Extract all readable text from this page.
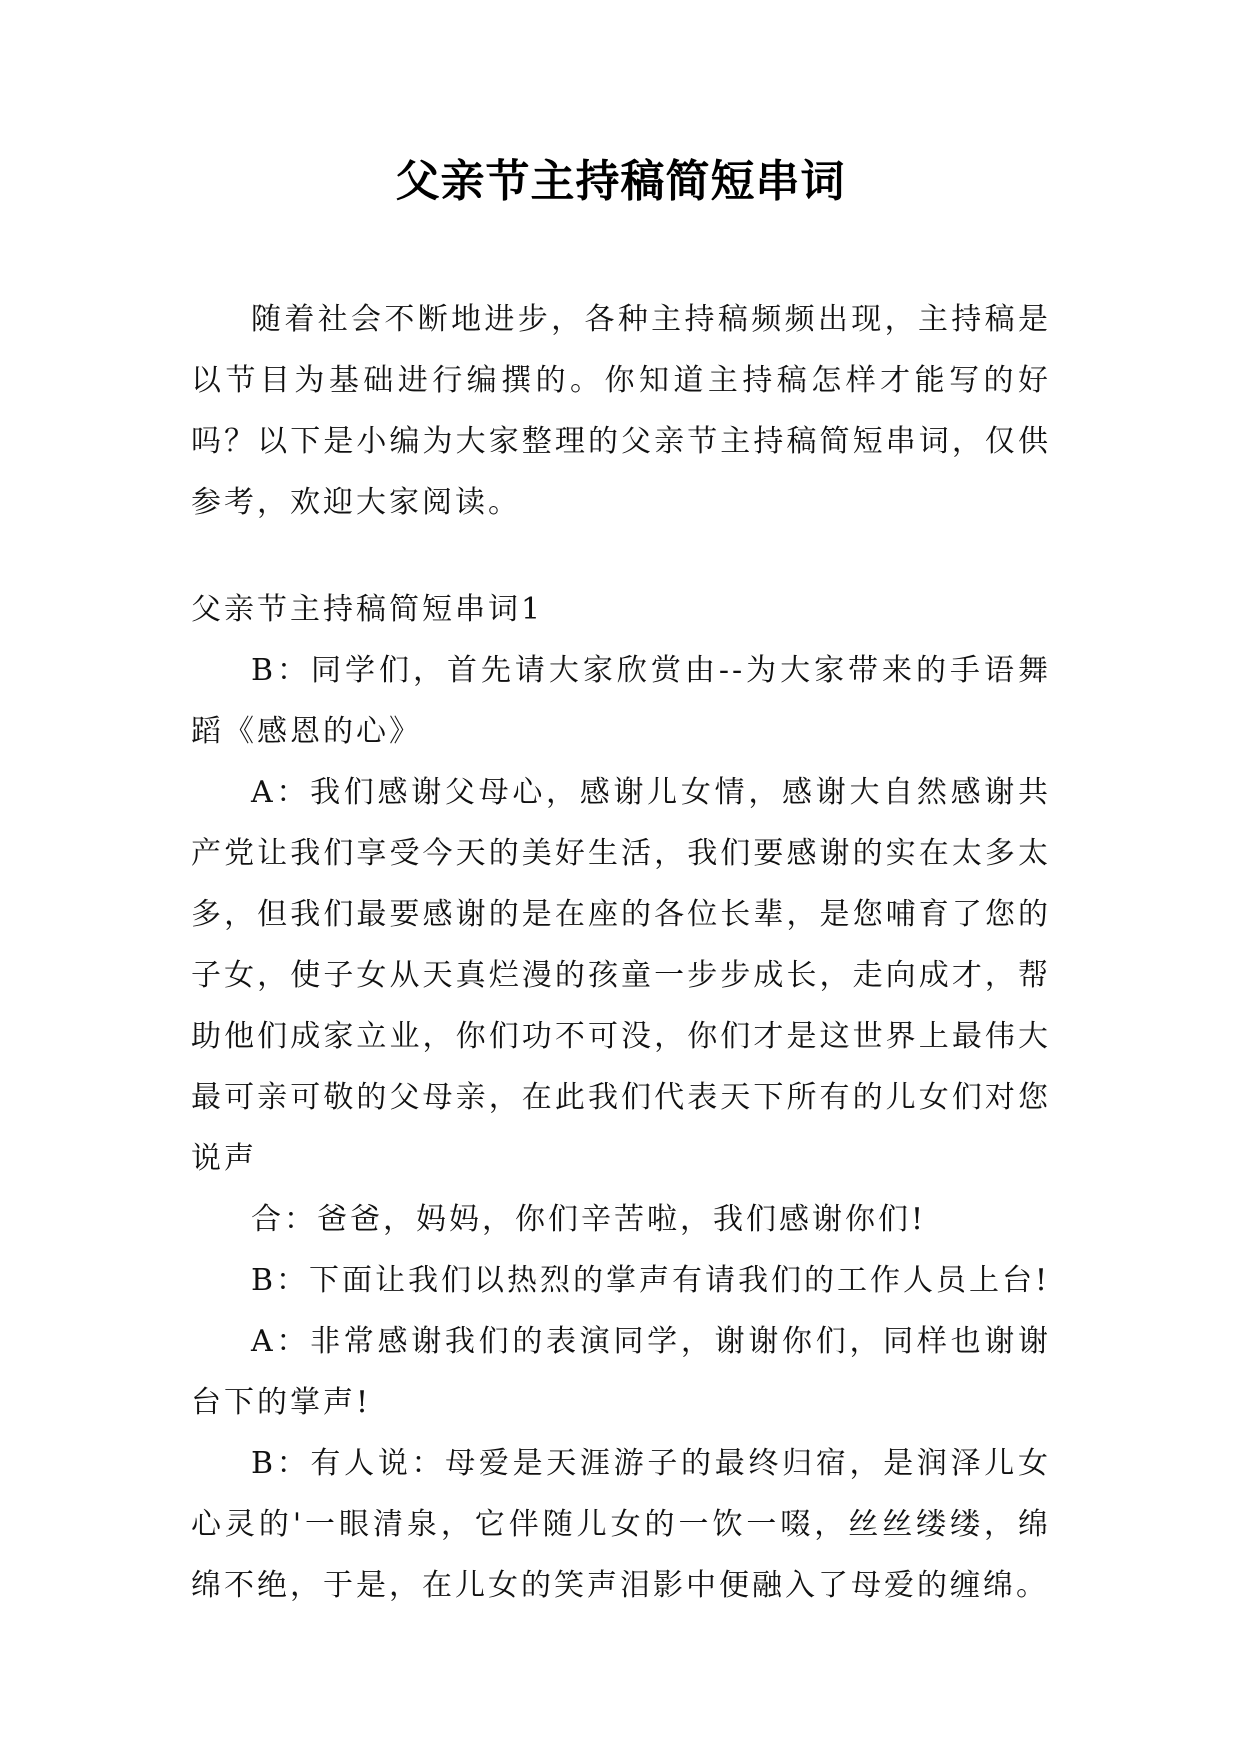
父亲节主持稿简短串词

随着社会不断地进步，各种主持稿频频出现，主持稿是以节目为基础进行编撰的。你知道主持稿怎样才能写的好吗？以下是小编为大家整理的父亲节主持稿简短串词，仅供参考，欢迎大家阅读。

父亲节主持稿简短串词1

B：同学们，首先请大家欣赏由--为大家带来的手语舞蹈《感恩的心》

A：我们感谢父母心，感谢儿女情，感谢大自然感谢共产党让我们享受今天的美好生活，我们要感谢的实在太多太多，但我们最要感谢的是在座的各位长辈，是您哺育了您的子女，使子女从天真烂漫的孩童一步步成长，走向成才，帮助他们成家立业，你们功不可没，你们才是这世界上最伟大最可亲可敬的父母亲，在此我们代表天下所有的儿女们对您说声

合：爸爸，妈妈，你们辛苦啦，我们感谢你们!

B：下面让我们以热烈的掌声有请我们的工作人员上台!

A：非常感谢我们的表演同学，谢谢你们，同样也谢谢台下的掌声!

B：有人说：母爱是天涯游子的最终归宿，是润泽儿女心灵的'一眼清泉，它伴随儿女的一饮一啜，丝丝缕缕，绵绵不绝，于是，在儿女的笑声泪影中便融入了母爱的缠绵。
